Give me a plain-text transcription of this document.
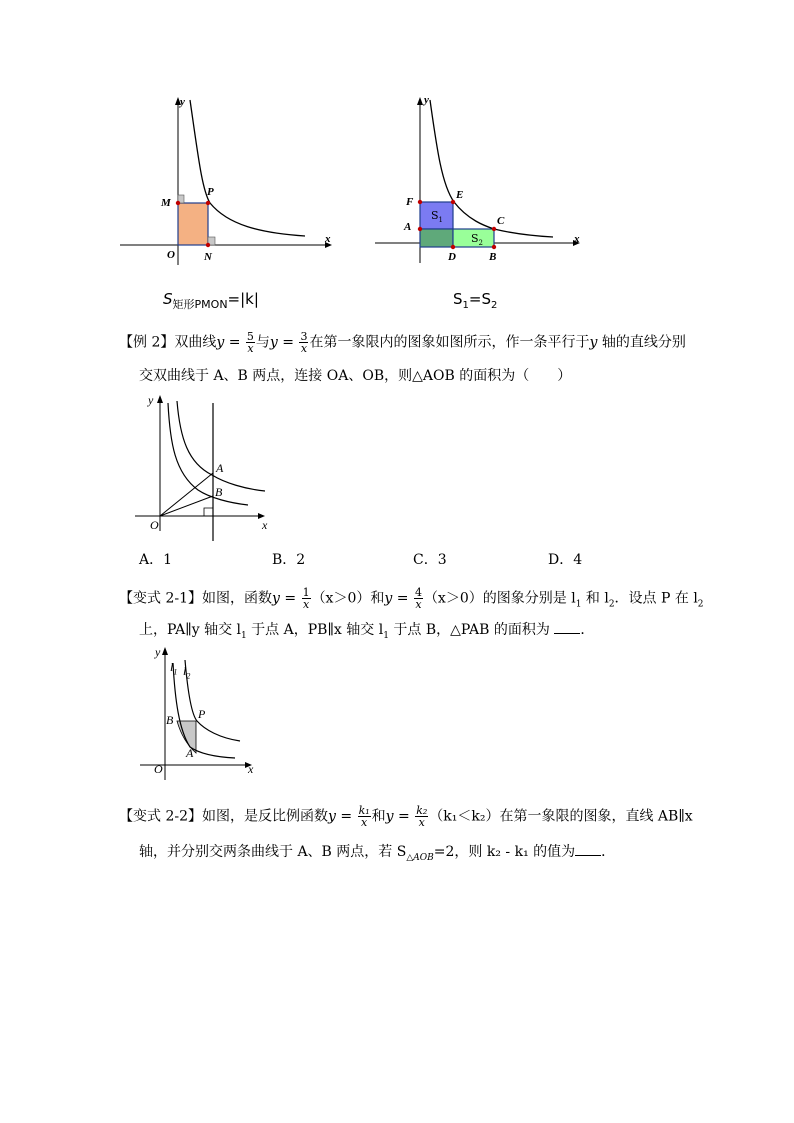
y
x
O
M
P
N
$S_{矩形PMON}=|k|$
y
x
F
E
A	C
D	B
$S_1$
$S_2$
$S_1=S_2$
【例 2】双曲线$y = \frac{5}{x}$ 与$y = \frac{3}{x}$ 在第一象限内的图象如图所示，作一条平行于y 轴的直线分别
交双曲线于 A、B 两点，连接 OA、OB，则△AOB 的面积为（　　）
y
A
B
O	x
A．1	B．2	C．3	D．4
【变式 2-1】如图，函数$y = \frac{1}{x} (x>0)$和$y = \frac{4}{x} (x>0)$的图象分别是 $l_1$ 和 $l_2$．设点 P 在 $l_2$
上，PA∥y 轴交 $l_1$ 于点 A，PB∥x 轴交 $l_1$ 于点 B，△PAB 的面积为 ．
y
$l_1$ $l_2$
B P
A
O	x
【变式 2-2】如图，是反比例函数$y = \frac{\text{k₁}}{x}$ 和$y = \frac{\text{k₂}}{x} (k_1<k_2)$在第一象限的图象，直线 AB∥x
轴，并分别交两条曲线于 A、B 两点，若 $S_{\triangle AOB}=2$，则 k₂ - k₁ 的值为 ．
